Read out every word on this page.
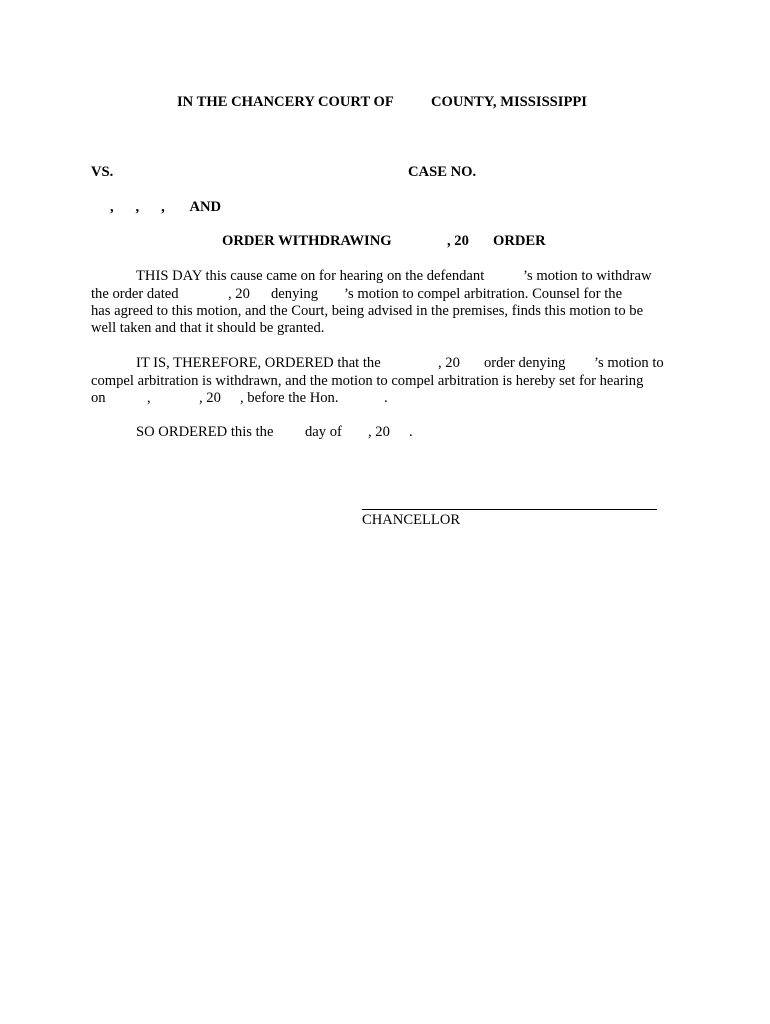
IN THE CHANCERY COURT OF	COUNTY, MISSISSIPPI
VS.	CASE NO.
,      ,      ,       AND
ORDER WITHDRAWING	, 20 ORDER
THIS DAY this cause came on for hearing on the defendant	’s motion to withdraw
the order dated	, 20 denying ’s motion to compel arbitration. Counsel for the
has agreed to this motion, and the Court, being advised in the premises, finds this motion to be
well taken and that it should be granted.
IT IS, THEREFORE, ORDERED that the	, 20 order denying ’s motion to
compel arbitration is withdrawn, and the motion to compel arbitration is hereby set for hearing
on	,	, 20 , before the Hon.	.
SO ORDERED this the day of , 20 .
CHANCELLOR
